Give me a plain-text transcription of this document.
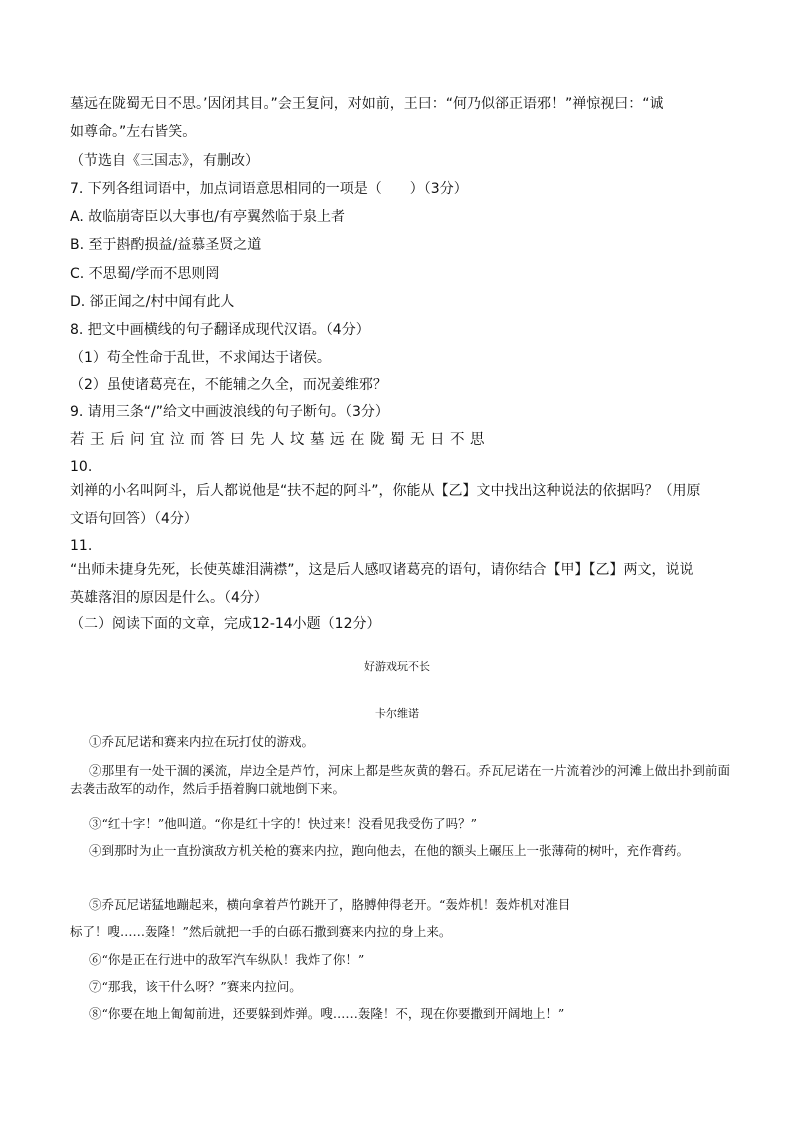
墓远在陇蜀无日不思。’因闭其目。”会王复问，对如前，王曰：“何乃似郤正语邪！”禅惊视曰：“诚
如尊命。”左右皆笑。
（节选自《三国志》，有删改）
7. 下列各组词语中，加点词语意思相同的一项是（　　）（3分）
A. 故临崩寄臣以大事也/有亭翼然临于泉上者
B. 至于斟酌损益/益慕圣贤之道
C. 不思蜀/学而不思则罔
D. 郤正闻之/村中闻有此人
8. 把文中画横线的句子翻译成现代汉语。（4分）
（1）苟全性命于乱世，不求闻达于诸侯。
（2）虽使诸葛亮在，不能辅之久全，而况姜维邪？
9. 请用三条“/”给文中画波浪线的句子断句。（3分）
若王后问宜泣而答曰先人坟墓远在陇蜀无日不思
10.
刘禅的小名叫阿斗，后人都说他是“扶不起的阿斗”，你能从【乙】文中找出这种说法的依据吗？（用原
文语句回答）（4分）
11.
“出师未捷身先死，长使英雄泪满襟”，这是后人感叹诸葛亮的语句，请你结合【甲】【乙】两文，说说
英雄落泪的原因是什么。（4分）
（二）阅读下面的文章，完成12-14小题（12分）
好游戏玩不长
卡尔维诺
①乔瓦尼诺和赛来内拉在玩打仗的游戏。
②那里有一处干涸的溪流，岸边全是芦竹，河床上都是些灰黄的磐石。乔瓦尼诺在一片流着沙的河滩上做出扑到前面去袭击敌军的动作，然后手捂着胸口就地倒下来。
③“红十字！”他叫道。“你是红十字的！快过来！没看见我受伤了吗？”
④到那时为止一直扮演敌方机关枪的赛来内拉，跑向他去，在他的额头上碾压上一张薄荷的树叶，充作膏药。
⑤乔瓦尼诺猛地蹦起来，横向拿着芦竹跳开了，胳膊伸得老开。“轰炸机！轰炸机对准目
标了！嗖……轰隆！”然后就把一手的白砾石撒到赛来内拉的身上来。
⑥“你是正在行进中的敌军汽车纵队！我炸了你！”
⑦“那我，该干什么呀？”赛来内拉问。
⑧“你要在地上匍匐前进，还要躲到炸弹。嗖……轰隆！不，现在你要撒到开阔地上！”
